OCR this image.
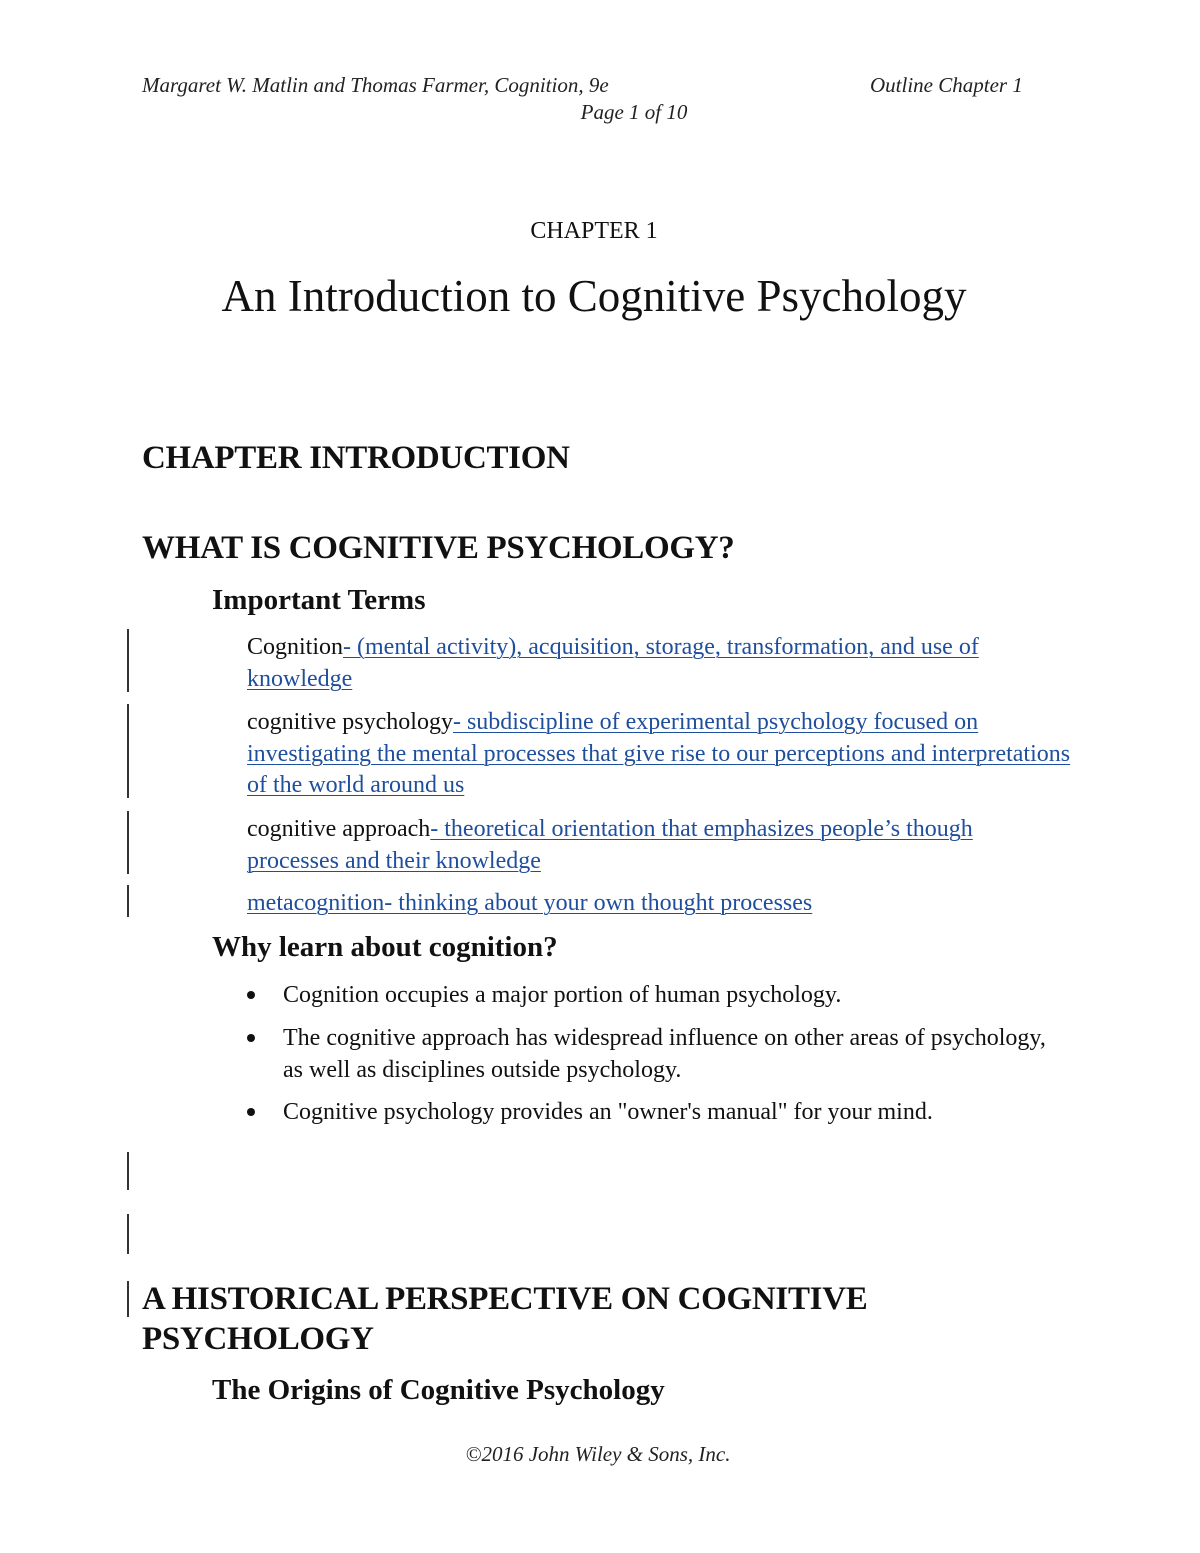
Margaret W. Matlin and Thomas Farmer, Cognition, 9e	Outline Chapter 1
Page 1 of 10
CHAPTER 1
An Introduction to Cognitive Psychology
CHAPTER INTRODUCTION
WHAT IS COGNITIVE PSYCHOLOGY?
Important Terms
Cognition- (mental activity), acquisition, storage, transformation, and use of knowledge
cognitive psychology- subdiscipline of experimental psychology focused on investigating the mental processes that give rise to our perceptions and interpretations of the world around us
cognitive approach- theoretical orientation that emphasizes people’s though processes and their knowledge
metacognition- thinking about your own thought processes
Why learn about cognition?
Cognition occupies a major portion of human psychology.
The cognitive approach has widespread influence on other areas of psychology, as well as disciplines outside psychology.
Cognitive psychology provides an "owner's manual" for your mind.
A HISTORICAL PERSPECTIVE ON COGNITIVE
PSYCHOLOGY
The Origins of Cognitive Psychology
©2016 John Wiley & Sons, Inc.
